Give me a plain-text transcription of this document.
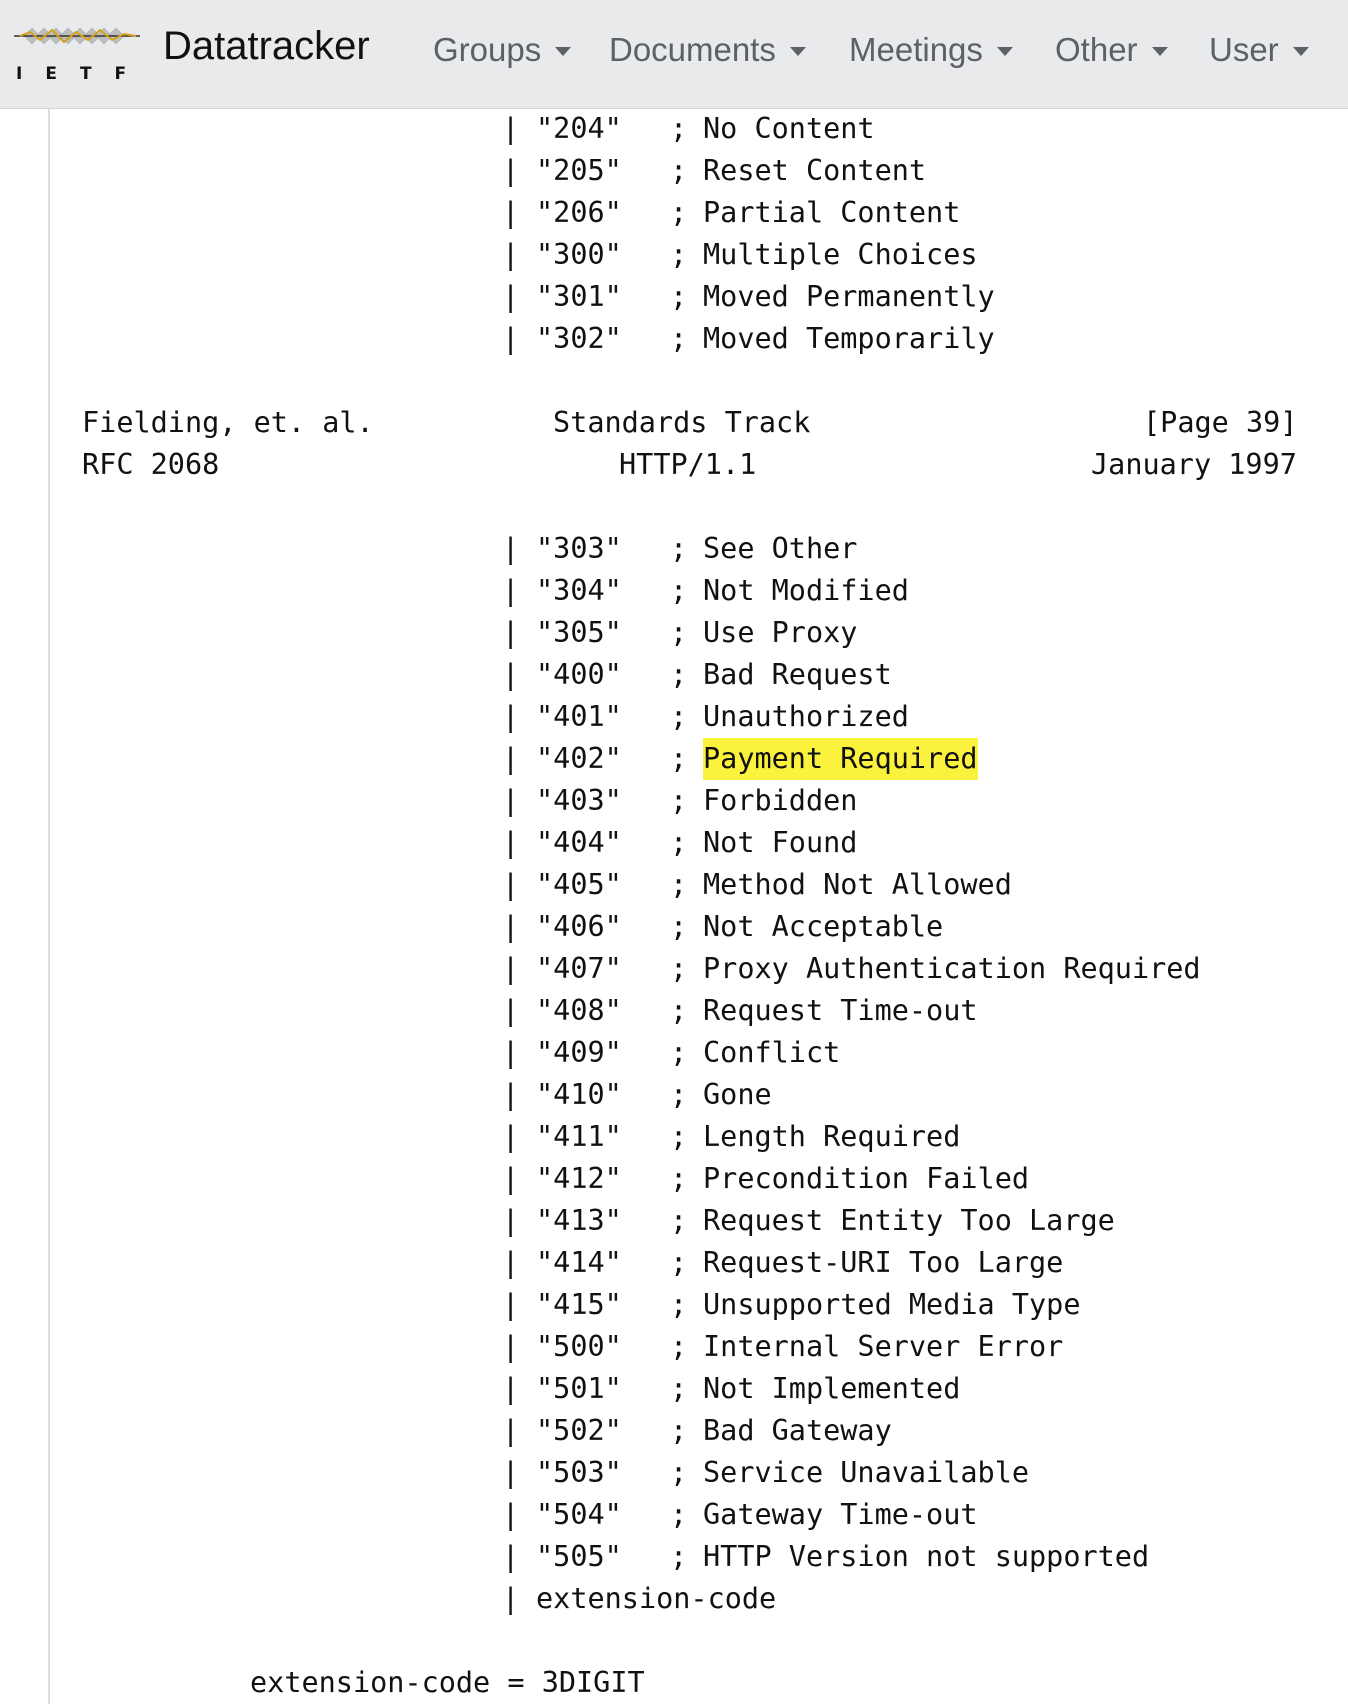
IETF
Datatracker Groups Documents Meetings Other User
| "204" ; No Content
| "205" ; Reset Content
| "206" ; Partial Content
| "300" ; Multiple Choices
| "301" ; Moved Permanently
| "302" ; Moved Temporarily
Fielding, et. al.	Standards Track	[Page 39]
RFC 2068	HTTP/1.1	January 1997
| "303" ; See Other
| "304" ; Not Modified
| "305" ; Use Proxy
| "400" ; Bad Request
| "401" ; Unauthorized
| "402" ; Payment Required
| "403" ; Forbidden
| "404" ; Not Found
| "405" ; Method Not Allowed
| "406" ; Not Acceptable
| "407" ; Proxy Authentication Required
| "408" ; Request Time-out
| "409" ; Conflict
| "410" ; Gone
| "411" ; Length Required
| "412" ; Precondition Failed
| "413" ; Request Entity Too Large
| "414" ; Request-URI Too Large
| "415" ; Unsupported Media Type
| "500" ; Internal Server Error
| "501" ; Not Implemented
| "502" ; Bad Gateway
| "503" ; Service Unavailable
| "504" ; Gateway Time-out
| "505" ; HTTP Version not supported
| extension-code
extension-code = 3DIGIT
